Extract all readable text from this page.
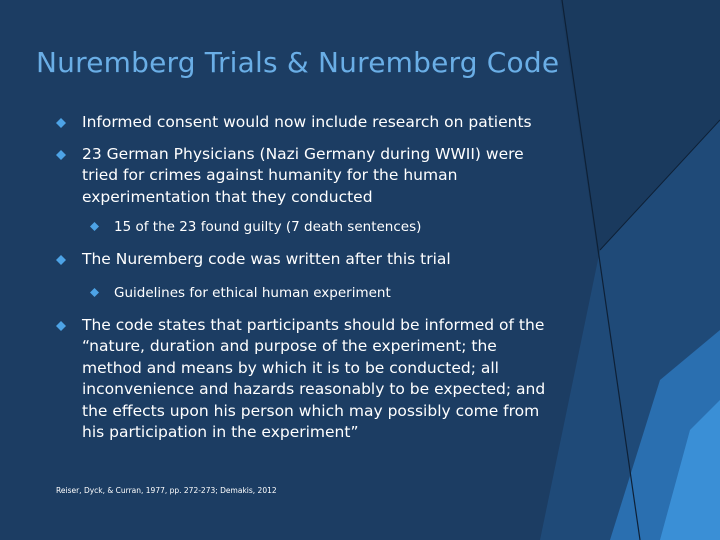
Nuremberg Trials & Nuremberg Code
Informed consent would now include research on patients
23 German Physicians (Nazi Germany during WWII) were tried for crimes against humanity for the human experimentation that they conducted
15 of the 23 found guilty (7 death sentences)
The Nuremberg code was written after this trial
Guidelines for ethical human experiment
The code states that participants should be informed of the “nature, duration and purpose of the experiment; the method and means by which it is to be conducted; all inconvenience and hazards reasonably to be expected; and the effects upon his person which may possibly come from his participation in the experiment”
Reiser, Dyck, & Curran, 1977, pp. 272-273; Demakis, 2012
